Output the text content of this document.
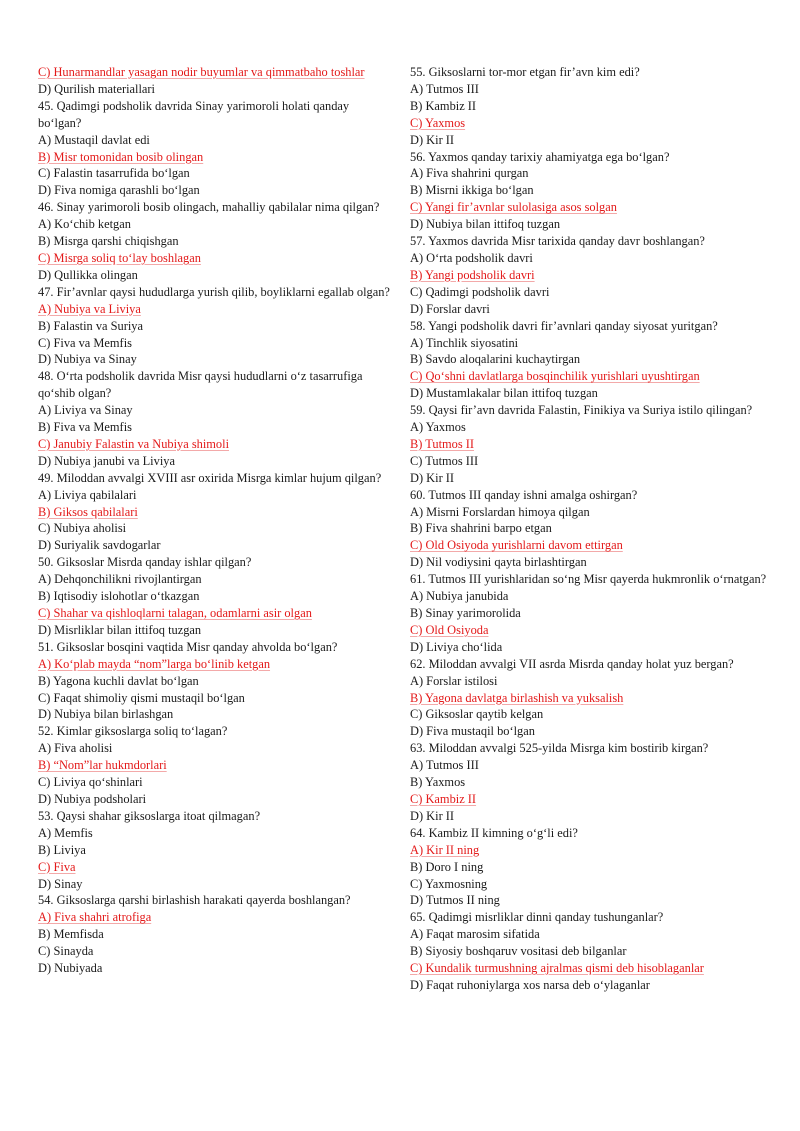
C) Hunarmandlar yasagan nodir buyumlar va qimmatbaho toshlar
D) Qurilish materiallari
45. Qadimgi podsholik davrida Sinay yarimoroli holati qanday bo‘lgan?
A) Mustaqil davlat edi
B) Misr tomonidan bosib olingan
C) Falastin tasarrufida bo‘lgan
D) Fiva nomiga qarashli bo‘lgan
46. Sinay yarimoroli bosib olingach, mahalliy qabilalar nima qilgan?
A) Ko‘chib ketgan
B) Misrga qarshi chiqishgan
C) Misrga soliq to‘lay boshlagan
D) Qullikka olingan
47. Fir’avnlar qaysi hududlarga yurish qilib, boyliklarni egallab olgan?
A) Nubiya va Liviya
B) Falastin va Suriya
C) Fiva va Memfis
D) Nubiya va Sinay
48. O‘rta podsholik davrida Misr qaysi hududlarni o‘z tasarrufiga qo‘shib olgan?
A) Liviya va Sinay
B) Fiva va Memfis
C) Janubiy Falastin va Nubiya shimoli
D) Nubiya janubi va Liviya
49. Miloddan avvalgi XVIII asr oxirida Misrga kimlar hujum qilgan?
A) Liviya qabilalari
B) Giksos qabilalari
C) Nubiya aholisi
D) Suriyalik savdogarlar
50. Giksoslar Misrda qanday ishlar qilgan?
A) Dehqonchilikni rivojlantirgan
B) Iqtisodiy islohotlar o‘tkazgan
C) Shahar va qishloqlarni talagan, odamlarni asir olgan
D) Misrliklar bilan ittifoq tuzgan
51. Giksoslar bosqini vaqtida Misr qanday ahvolda bo‘lgan?
A) Ko‘plab mayda “nom”larga bo‘linib ketgan
B) Yagona kuchli davlat bo‘lgan
C) Faqat shimoliy qismi mustaqil bo‘lgan
D) Nubiya bilan birlashgan
52. Kimlar giksoslarga soliq to‘lagan?
A) Fiva aholisi
B) “Nom”lar hukmdorlari
C) Liviya qo‘shinlari
D) Nubiya podsholari
53. Qaysi shahar giksoslarga itoat qilmagan?
A) Memfis
B) Liviya
C) Fiva
D) Sinay
54. Giksoslarga qarshi birlashish harakati qayerda boshlangan?
A) Fiva shahri atrofiga
B) Memfisda
C) Sinayda
D) Nubiyada
55. Giksoslarni tor-mor etgan fir’avn kim edi?
A) Tutmos III
B) Kambiz II
C) Yaxmos
D) Kir II
56. Yaxmos qanday tarixiy ahamiyatga ega bo‘lgan?
A) Fiva shahrini qurgan
B) Misrni ikkiga bo‘lgan
C) Yangi fir’avnlar sulolasiga asos solgan
D) Nubiya bilan ittifoq tuzgan
57. Yaxmos davrida Misr tarixida qanday davr boshlangan?
A) O‘rta podsholik davri
B) Yangi podsholik davri
C) Qadimgi podsholik davri
D) Forslar davri
58. Yangi podsholik davri fir’avnlari qanday siyosat yuritgan?
A) Tinchlik siyosatini
B) Savdo aloqalarini kuchaytirgan
C) Qo‘shni davlatlarga bosqinchilik yurishlari uyushtirgan
D) Mustamlakalar bilan ittifoq tuzgan
59. Qaysi fir’avn davrida Falastin, Finikiya va Suriya istilo qilingan?
A) Yaxmos
B) Tutmos II
C) Tutmos III
D) Kir II
60. Tutmos III qanday ishni amalga oshirgan?
A) Misrni Forslardan himoya qilgan
B) Fiva shahrini barpo etgan
C) Old Osiyoda yurishlarni davom ettirgan
D) Nil vodiysini qayta birlashtirgan
61. Tutmos III yurishlaridan so‘ng Misr qayerda hukmronlik o‘rnatgan?
A) Nubiya janubida
B) Sinay yarimorolida
C) Old Osiyoda
D) Liviya cho‘lida
62. Miloddan avvalgi VII asrda Misrda qanday holat yuz bergan?
A) Forslar istilosi
B) Yagona davlatga birlashish va yuksalish
C) Giksoslar qaytib kelgan
D) Fiva mustaqil bo‘lgan
63. Miloddan avvalgi 525-yilda Misrga kim bostirib kirgan?
A) Tutmos III
B) Yaxmos
C) Kambiz II
D) Kir II
64. Kambiz II kimning o‘g‘li edi?
A) Kir II ning
B) Doro I ning
C) Yaxmosning
D) Tutmos II ning
65. Qadimgi misrliklar dinni qanday tushunganlar?
A) Faqat marosim sifatida
B) Siyosiy boshqaruv vositasi deb bilganlar
C) Kundalik turmushning ajralmas qismi deb hisoblaganlar
D) Faqat ruhoniylarga xos narsa deb o‘ylaganlar
